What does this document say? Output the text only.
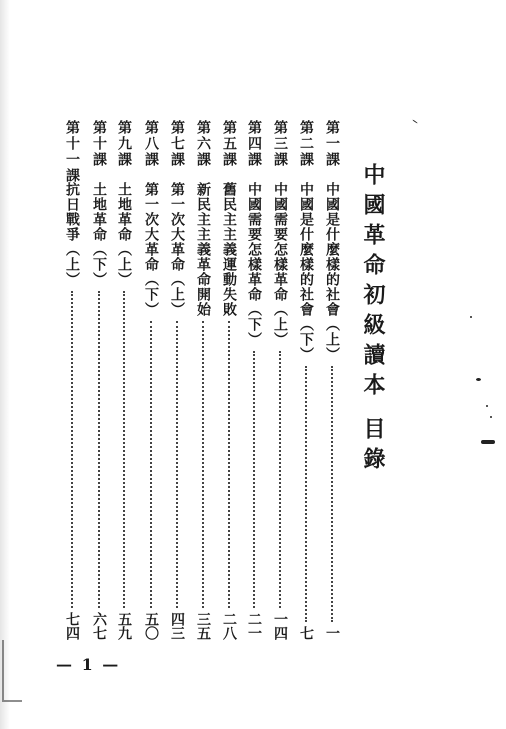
中國革命初級讀本目錄
第一課
中國是什麼樣的社會（上）
一
第二課
中國是什麼樣的社會（下）
七
第三課
中國需要怎樣革命（上）
一四
第四課
中國需要怎樣革命（下）
二一
第五課
舊民主主義運動失敗
二八
第六課
新民主主義革命開始
三五
第七課
第一次大革命（上）
四三
第八課
第一次大革命（下）
五〇
第九課
土地革命（上）
五九
第十課
土地革命（下）
六七
第十一課
抗日戰爭（上）
七四
— 1 —
